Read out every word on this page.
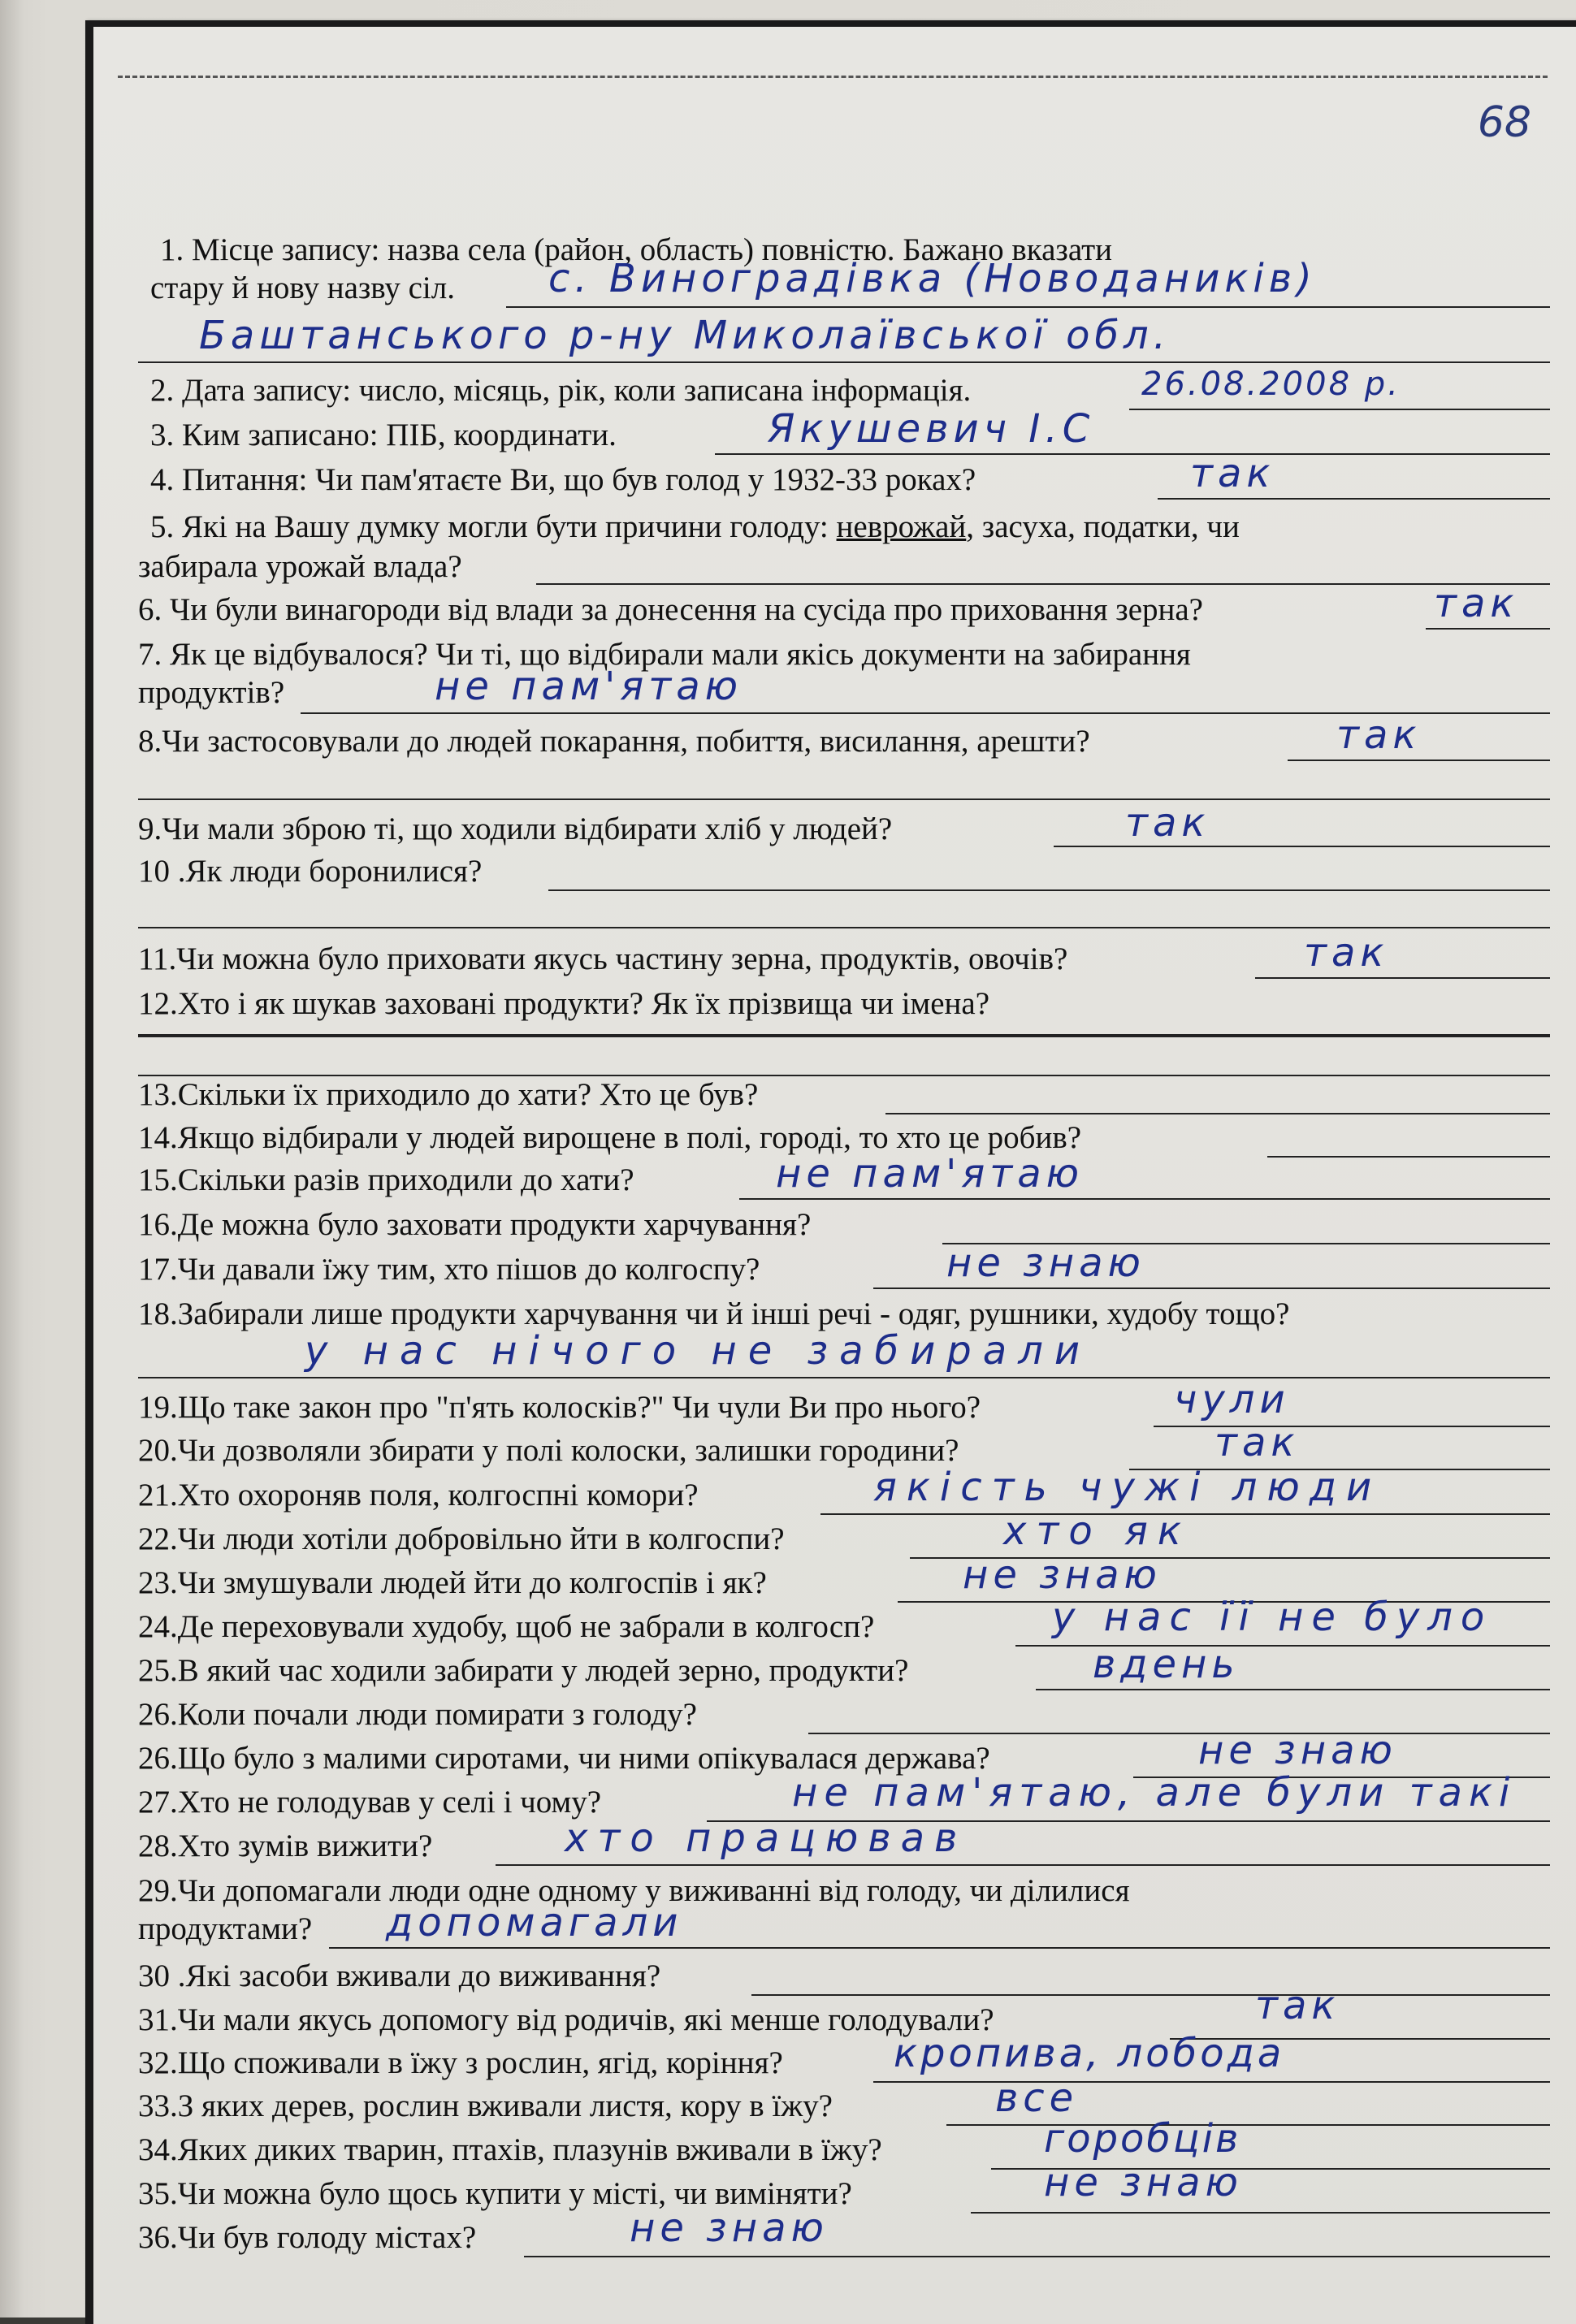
68
1. Місце запису: назва села (район, область) повністю. Бажано вказати
стару й нову назву сіл. с. Виноградівка (Новодаників)
Баштанського р-ну Миколаївської обл.
2. Дата запису: число, місяць, рік, коли записана інформація.	26.08.2008 р.
3. Ким записано: ПІБ, координати.	Якушевич І.С
4. Питання: Чи пам'ятаєте Ви, що був голод у 1932-33 роках?	так
5. Які на Вашу думку могли бути причини голоду: неврожай, засуха, податки, чи
забирала урожай влада?
6. Чи були винагороди від влади за донесення на сусіда про приховання зерна?	так
7. Як це відбувалося? Чи ті, що відбирали мали якісь документи на забирання
продуктів?	не пам'ятаю
8.Чи застосовували до людей покарання, побиття, висилання, арешти?	так
9.Чи мали зброю ті, що ходили відбирати хліб у людей?	так
10 .Як люди боронилися?
11.Чи можна було приховати якусь частину зерна, продуктів, овочів?	так
12.Хто і як шукав заховані продукти? Як їх прізвища чи імена?
13.Скільки їх приходило до хати? Хто це був?
14.Якщо відбирали у людей вирощене в полі, городі, то хто це робив?
15.Скільки разів приходили до хати?	не пам'ятаю
16.Де можна було заховати продукти харчування?
17.Чи давали їжу тим, хто пішов до колгоспу?	не знаю
18.Забирали лише продукти харчування чи й інші речі - одяг, рушники, худобу тощо?
у нас нічого не забирали
19.Що таке закон про "п'ять колосків?" Чи чули Ви про нього?	чули
20.Чи дозволяли збирати у полі колоски, залишки городини?	так
21.Хто охороняв поля, колгоспні комори?	якість чужі люди
22.Чи люди хотіли добровільно йти в колгоспи?	хто як
23.Чи змушували людей йти до колгоспів і як?	не знаю
24.Де переховували худобу, щоб не забрали в колгосп?	у нас її не було
25.В який час ходили забирати у людей зерно, продукти?	вдень
26.Коли почали люди помирати з голоду?
26.Що було з малими сиротами, чи ними опікувалася держава?	не знаю
27.Хто не голодував у селі і чому?	не пам'ятаю, але були такі
28.Хто зумів вижити?	хто працював
29.Чи допомагали люди одне одному у виживанні від голоду, чи ділилися
продуктами? допомагали
30 .Які засоби вживали до виживання?
31.Чи мали якусь допомогу від родичів, які менше голодували?	так
32.Що споживали в їжу з рослин, ягід, коріння?	кропива, лобода
33.З яких дерев, рослин вживали листя, кору в їжу?	все
34.Яких диких тварин, птахів, плазунів вживали в їжу?	горобців
35.Чи можна було щось купити у місті, чи виміняти?	не знаю
36.Чи був голоду містах?	не знаю
